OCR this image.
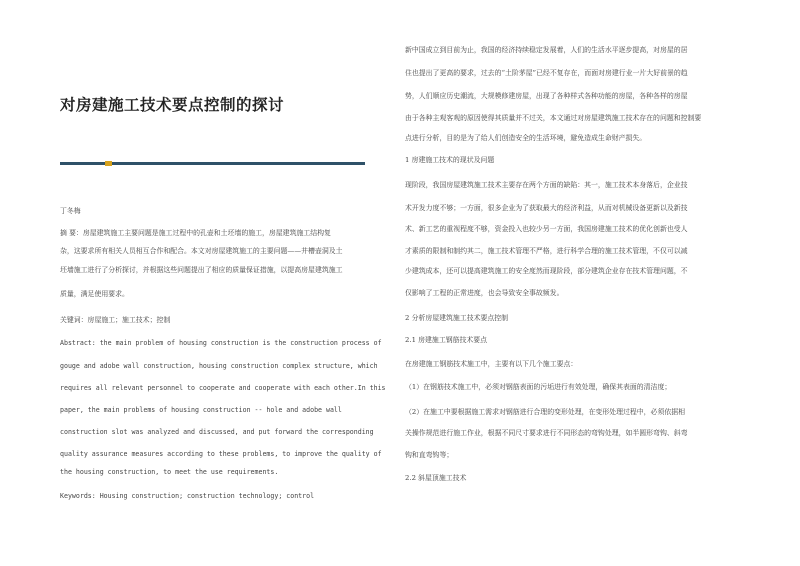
对房建施工技术要点控制的探讨
丁冬梅
摘 要：房屋建筑施工主要问题是施工过程中的孔壶和土坯墙的施工，房屋建筑施工结构复
杂，这要求所有相关人员相互合作和配合。本文对房屋建筑施工的主要问题——井槽壶洞及土
坯墙施工进行了分析探讨，并根据这些问题提出了相应的质量保证措施，以提高房屋建筑施工
质量，满足使用要求。
关键词：房屋施工；施工技术；控制
Abstract: the main problem of housing construction is the construction process of
gouge and adobe wall construction, housing construction complex structure, which
requires all relevant personnel to cooperate and cooperate with each other.In this
paper, the main problems of housing construction -- hole and adobe wall
construction slot was analyzed and discussed, and put forward the corresponding
quality assurance measures according to these problems, to improve the quality of
the housing construction, to meet the use requirements.
Keywords: Housing construction; construction technology; control
新中国成立到目前为止，我国的经济持续稳定发展着，人们的生活水平逐步提高，对房屋的居
住也提出了更高的要求，过去的“土阶茅屋”已经不复存在，而面对房建行业一片大好前景的趋
势，人们顺应历史潮流，大规模修建房屋，出现了各种样式各种功能的房屋，各种各样的房屋
由于各种主观客观的原因使得其质量并不过关，本文通过对房屋建筑施工技术存在的问题和控制要
点进行分析，目的是为了给人们创造安全的生活环境，避免造成生命财产损失。
1 房建施工技术的现状及问题
现阶段，我国房屋建筑施工技术主要存在两个方面的缺陷：其一，施工技术本身落后，企业技
术开发力度不够；一方面，很多企业为了获取最大的经济利益，从而对机械设备更新以及新技
术、新工艺的重视程度不够，资金投入也较少另一方面，我国房建施工技术的优化创新也受人
才素质的限制和制约其二，施工技术管理不严格，进行科学合理的施工技术管理，不仅可以减
少建筑成本，还可以提高建筑施工的安全度然而现阶段，部分建筑企业存在技术管理问题，不
仅影响了工程的正常进度，也会导致安全事故频发。
2 分析房屋建筑施工技术要点控制
2.1 房建施工钢筋技术要点
在房建施工钢筋技术施工中，主要有以下几个施工要点：
（1）在钢筋技术施工中，必须对钢筋表面的污垢进行有效处理，确保其表面的清洁度；
（2）在施工中要根据施工需求对钢筋进行合理的变形处理，在变形处理过程中，必须依据相
关操作规范进行施工作业，根据不同尺寸要求进行不同形态的弯钩处理，如半圆形弯钩、斜弯
钩和直弯钩等；
2.2 斜屋顶施工技术
